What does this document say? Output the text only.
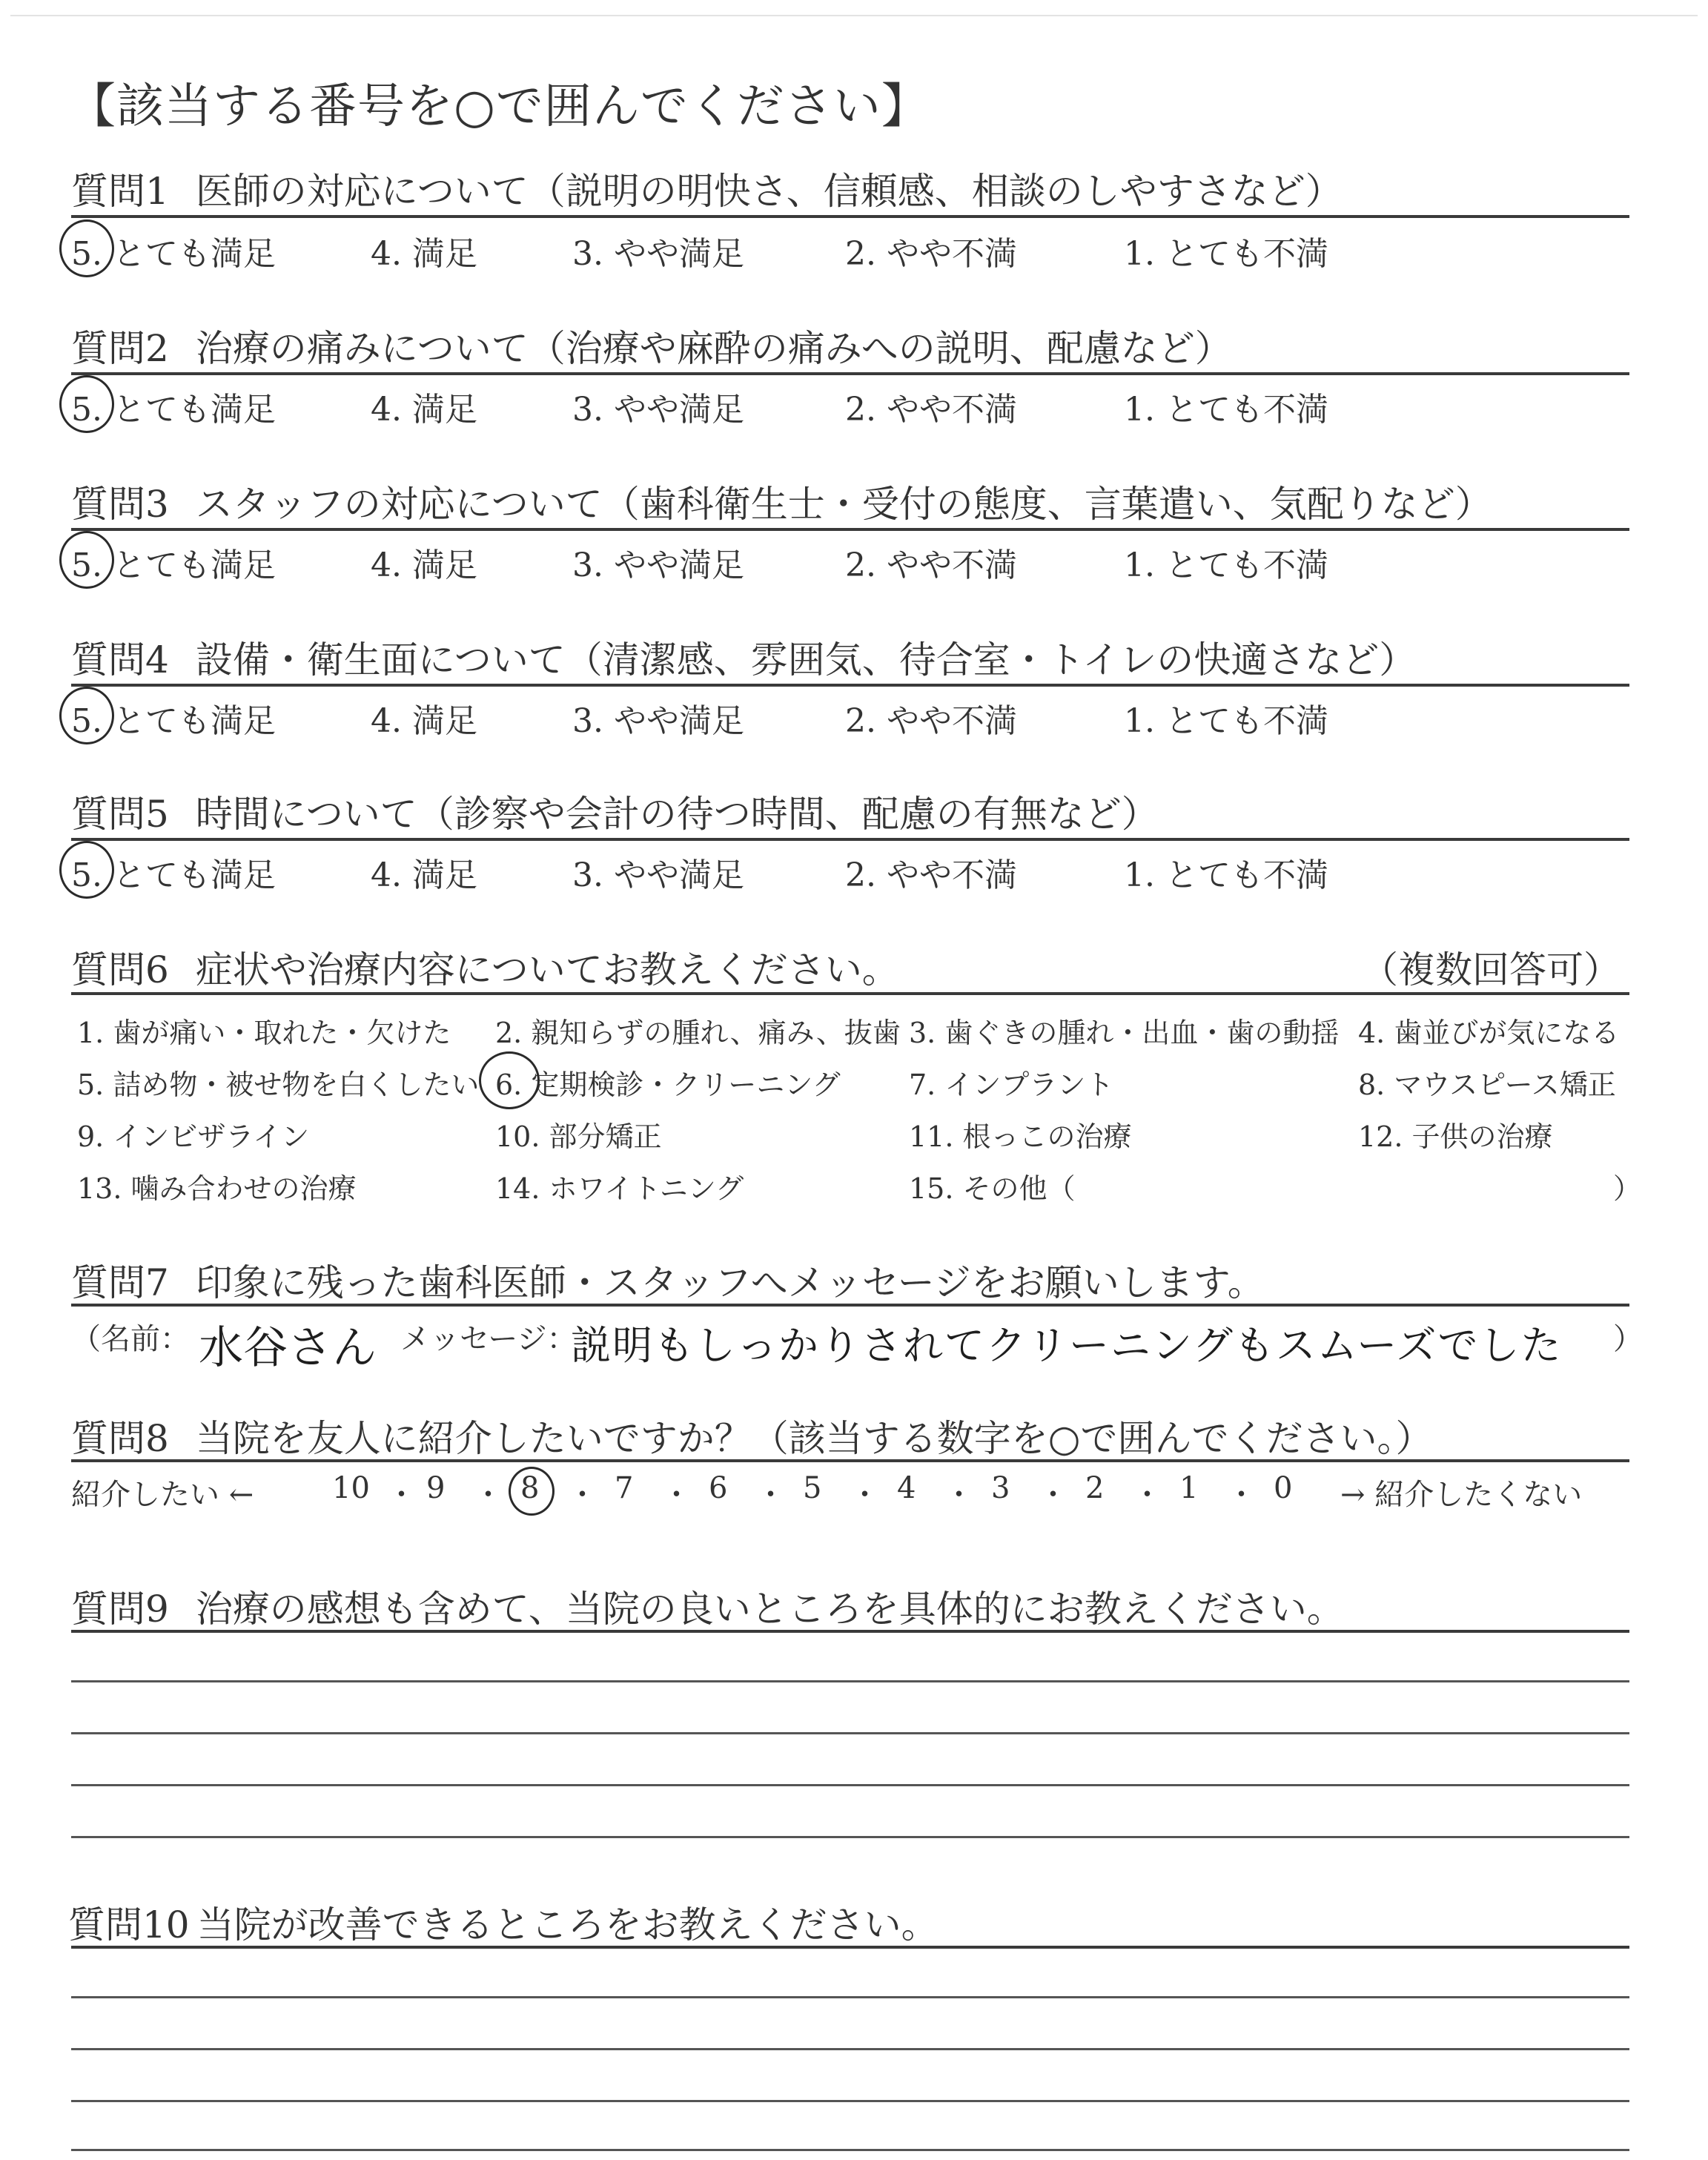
【該当する番号を○で囲んでください】
質問1 医師の対応について（説明の明快さ、信頼感、相談のしやすさなど）
質問2 治療の痛みについて（治療や麻酔の痛みへの説明、配慮など）
質問3 スタッフの対応について（歯科衛生士・受付の態度、言葉遣い、気配りなど）
質問4 設備・衛生面について（清潔感、雰囲気、待合室・トイレの快適さなど）
質問5 時間について（診察や会計の待つ時間、配慮の有無など）
質問6 症状や治療内容についてお教えください。	（複数回答可）
）
質問7 印象に残った歯科医師・スタッフへメッセージをお願いします。
（名前： 水谷さん メッセージ：
説明もしっかりされてクリーニングもスムーズでした ）
質問8 当院を友人に紹介したいですか？（該当する数字を○で囲んでください。）
紹介したい ←	→ 紹介したくない
質問9 治療の感想も含めて、当院の良いところを具体的にお教えください。
質問10 当院が改善できるところをお教えください。
5. とても満足	4. 満足	3. やや満足	2. やや不満	1. とても不満
5. とても満足	4. 満足	3. やや満足	2. やや不満	1. とても不満
5. とても満足	4. 満足	3. やや満足	2. やや不満	1. とても不満
5. とても満足	4. 満足	3. やや満足	2. やや不満	1. とても不満
5. とても満足	4. 満足	3. やや満足	2. やや不満	1. とても不満
1. 歯が痛い・取れた・欠けた 2. 親知らずの腫れ、痛み、抜歯 3. 歯ぐきの腫れ・出血・歯の動揺 4. 歯並びが気になる
5. 詰め物・被せ物を白くしたい 6. 定期検診・クリーニング 7. インプラント	8. マウスピース矯正
9. インビザライン	10. 部分矯正	11. 根っこの治療	12. 子供の治療
13. 噛み合わせの治療	14. ホワイトニング	15. その他（
10 ・ 9 ・ 8 ・ 7 ・ 6 ・ 5 ・ 4 ・ 3 ・ 2 ・ 1 ・ 0
